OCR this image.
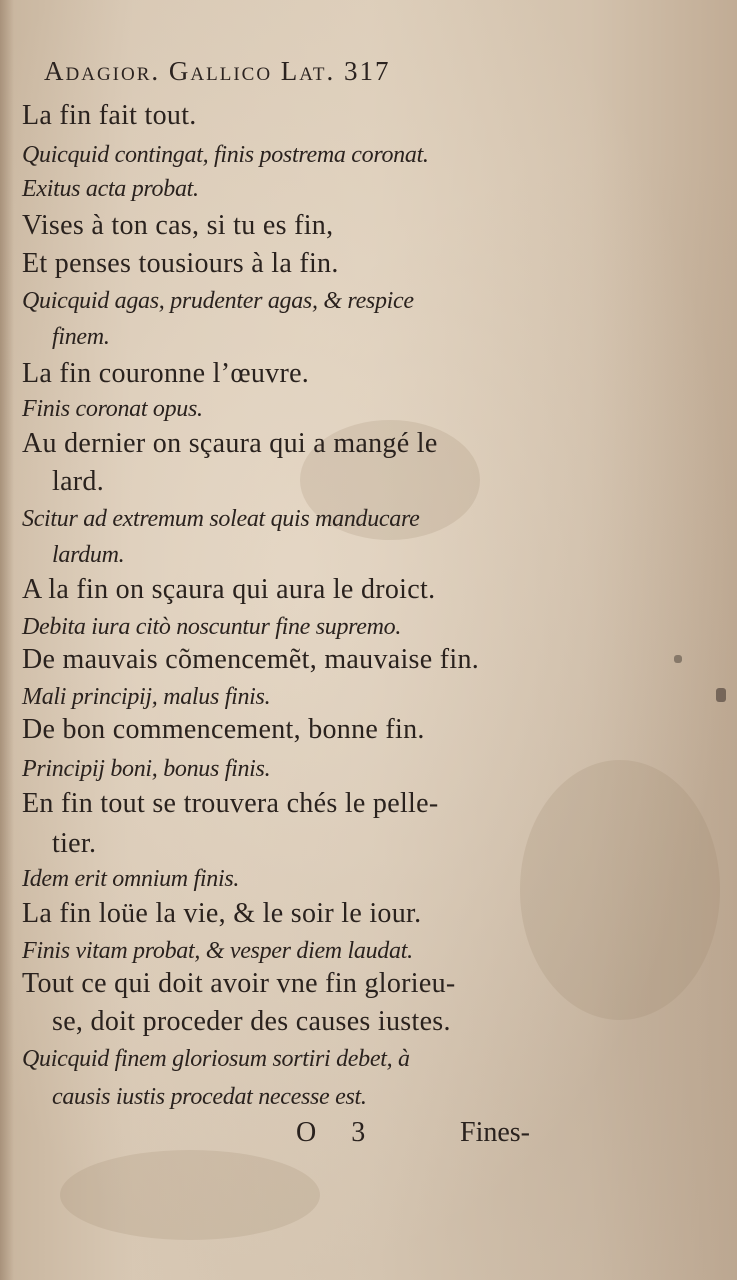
Adagior. Gallico Lat. 317
La fin fait tout.
Quicquid contingat, finis postrema coronat.
Exitus acta probat.
Vises à ton cas, si tu es fin,
Et penses tousiours à la fin.
Quicquid agas, prudenter agas, & respice
finem.
La fin couronne l’œuvre.
Finis coronat opus.
Au dernier on sçaura qui a mangé le
lard.
Scitur ad extremum soleat quis manducare
lardum.
A la fin on sçaura qui aura le droict.
Debita iura citò noscuntur fine supremo.
De mauvais cõmencemẽt, mauvaise fin.
Mali principij, malus finis.
De bon commencement, bonne fin.
Principij boni, bonus finis.
En fin tout se trouvera chés le pelle-
tier.
Idem erit omnium finis.
La fin loüe la vie, & le soir le iour.
Finis vitam probat, & vesper diem laudat.
Tout ce qui doit avoir vne fin glorieu-
se, doit proceder des causes iustes.
Quicquid finem gloriosum sortiri debet, à
causis iustis procedat necesse est.
O 3	Fines-
